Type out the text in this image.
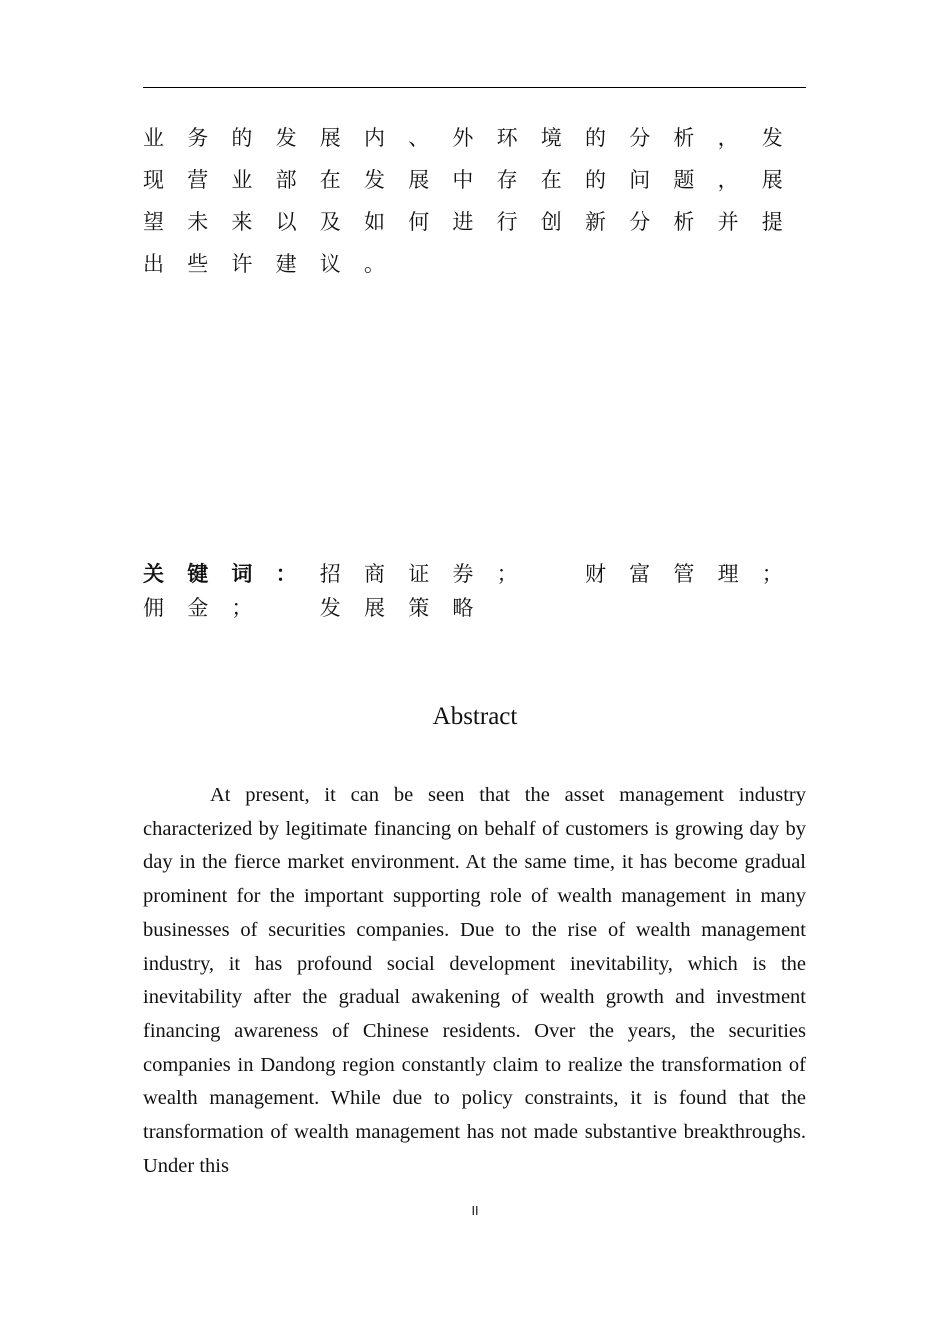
业	务	的	发	展	内	、	外	环	境	的	分	析	，	发
现	营	业	部	在	发	展	中	存	在	的	问	题	，	展
望	未	来	以	及	如	何	进	行	创	新	分	析	并	提
出	些	许	建	议	。
关	键	词	：	招	商	证	券	；	财	富	管	理	；
佣	金	；	发	展	策	略
Abstract

At present, it can be seen that the asset management industry characterized by legitimate financing on behalf of customers is growing day by day in the fierce market environment. At the same time, it has become gradual prominent for the important supporting role of wealth management in many businesses of securities companies. Due to the rise of wealth management industry, it has profound social development inevitability, which is the inevitability after the gradual awakening of wealth growth and investment financing awareness of Chinese residents. Over the years, the securities companies in Dandong region constantly claim to realize the transformation of wealth management. While due to policy constraints, it is found that the transformation of wealth management has not made substantive breakthroughs. Under this

II
